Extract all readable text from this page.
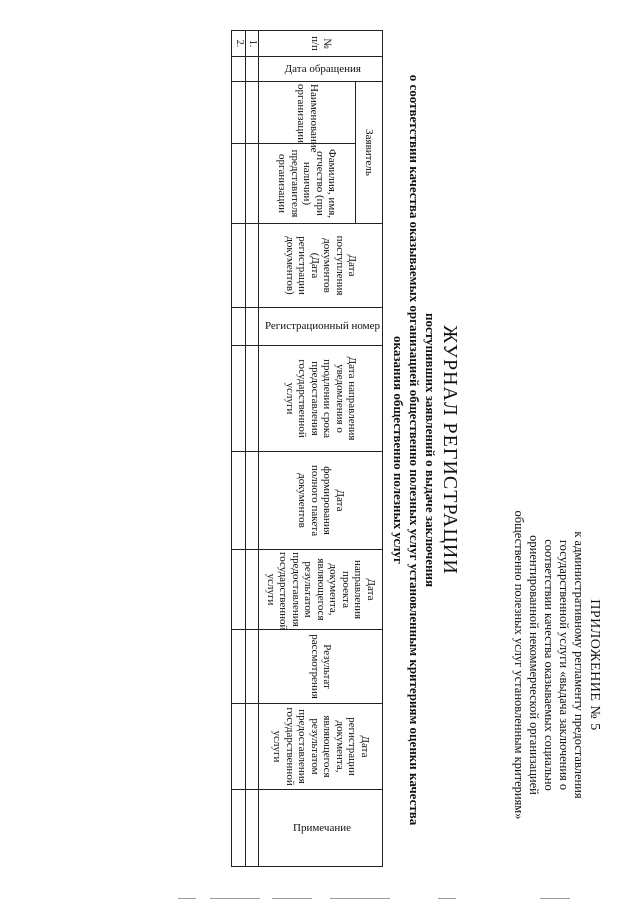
ПРИЛОЖЕНИЕ № 5
к административному регламенту предоставления
государственной услуги «выдача заключения о
соответствии качества оказываемых социально
ориентированной некоммерческой организацией
общественно полезных услуг установленным критериям»
ЖУРНАЛ РЕГИСТРАЦИИ
поступивших заявлений о выдаче заключения
о соответствии качества оказываемых организацией общественно полезных услуг установленным критериям оценки качества
оказания общественно полезных услуг
№ п/п	Дата обращения	Заявитель		Дата поступления документов (Дата регистрации документов)	Регистрационный номер	Дата направления уведомления о продлении срока предоставления государственной услуги	Дата формирования полного пакета документов	Дата направления проекта документа, являющегося результатом предоставления государственной услуги	Результат рассмотрения	Дата регистрации документа, являющегося результатом предоставления государственной услуги	Примечание
		Наименование организации	Фамилия, имя, отчество (при наличии) представителя организации								
1.											
2.											
